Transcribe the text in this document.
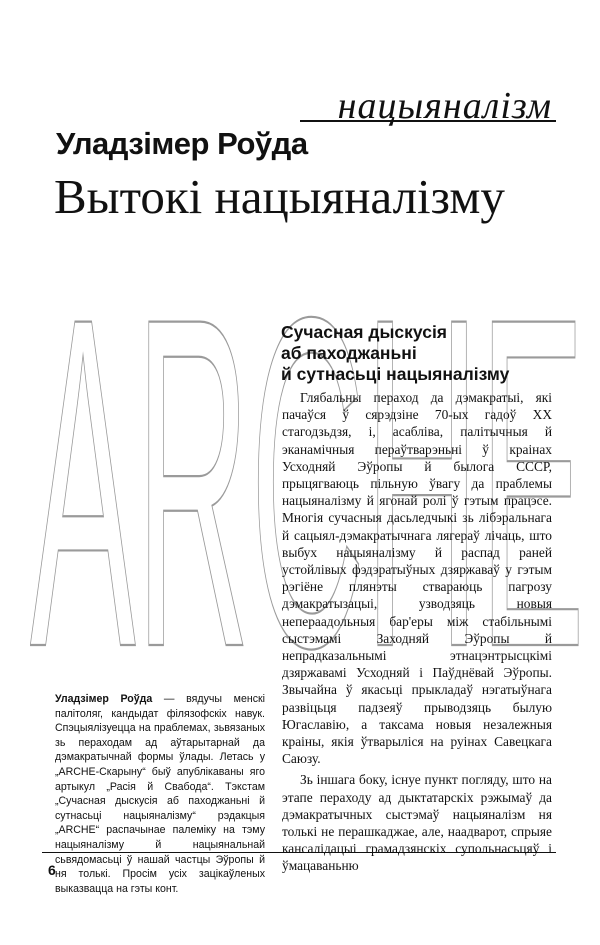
нацыяналізм
Уладзімер Роўда
Вытокі нацыяналізму
ARCHE
Сучасная дыскусія
аб паходжаньні
й сутнасьці нацыяналізму

Глябальны пераход да дэмакратыі, які пачаўся ў сярэдзіне 70-ых гадоў ХХ стагодзьдзя, і, асабліва, палітычныя й эканамічныя пераўтварэньні ў краінах Усходняй Эўропы й былога СССР, прыцягваюць пільную ўвагу да праблемы нацыяналізму й ягонай ролі ў гэтым працэсе. Многія сучасныя дасьледчыкі зь лібэральнага й сацыял-дэмакратычнага лягераў лічаць, што выбух нацыяналізму й распад раней устойлівых фэдэратыўных дзяржаваў у гэтым рэгіёне плянэты ствараюць пагрозу дэмакратызацыі, узводзяць новыя непераадольныя бар'еры між стабільнымі сыстэмамі Заходняй Эўропы й непрадказальнымі этнацэнтрысцкімі дзяржавамі Усходняй і Паўднёвай Эўропы. Звычайна ў якасьці прыкладаў нэгатыўнага развіцьця падзеяў прыводзяць былую Югаславію, а таксама новыя незалежныя краіны, якія ўтварыліся на руінах Савецкага Саюзу.

Зь іншага боку, існуе пункт погляду, што на этапе пераходу ад дыктатарскіх рэжымаў да дэмакратычных сыстэмаў нацыяналізм ня толькі не перашкаджае, але, наадварот, спрыяе кансалідацыі грамадзянскіх супольнасьцяў і ўмацаваньню

Уладзімер Роўда — вядучы менскі палітоляг, кандыдат філязофскіх навук. Спэцыялізуецца на праблемах, зьвязаных зь пераходам ад аўтарытарнай да дэмакратычнай формы ўлады. Летась у „ARCHE-Скарыну“ быў апублікаваны яго артыкул „Расія й Свабода“. Тэкстам „Сучасная дыскусія аб паходжаньні й сутнасьці нацыяналізму“ рэдакцыя „ARCHE“ распачынае палеміку на тэму нацыяналізму й нацыянальнай сьвядомасьці ў нашай частцы Эўропы й ня толькі. Просім усіх зацікаўленых выказвацца на гэты конт.
6
